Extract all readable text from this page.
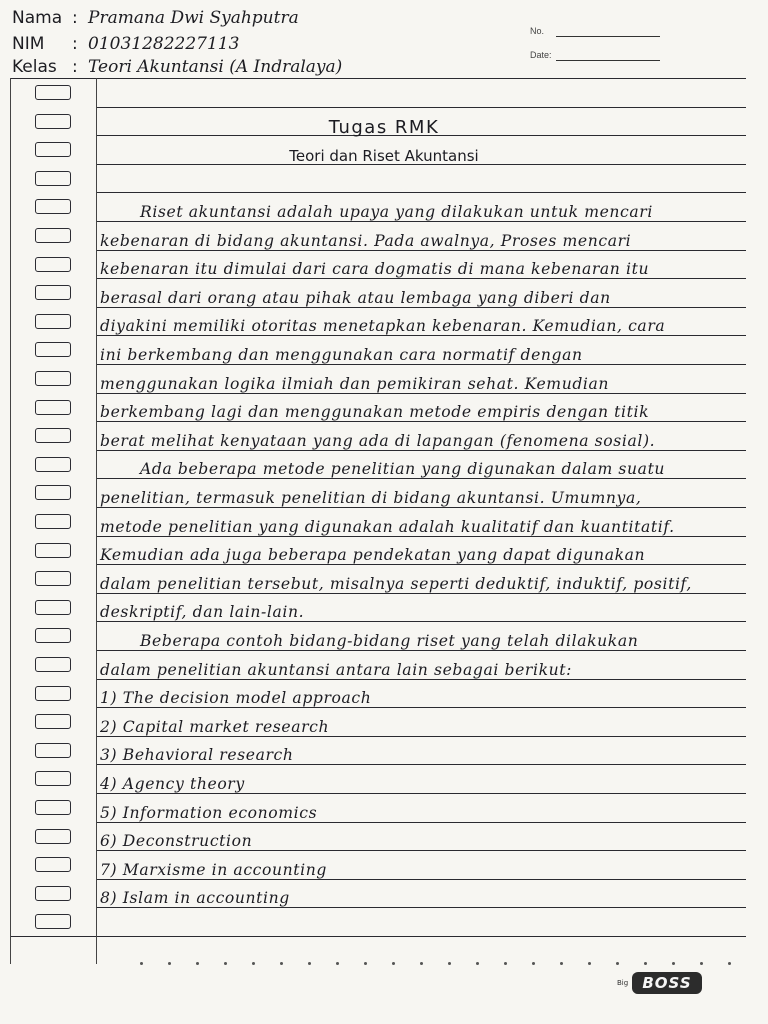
Nama : Pramana Dwi Syahputra
NIM	: 01031282227113
Kelas : Teori Akuntansi (A Indralaya)
No.
Date:
Tugas RMK
Teori dan Riset Akuntansi
Riset akuntansi adalah upaya yang dilakukan untuk mencari
kebenaran di bidang akuntansi. Pada awalnya, Proses mencari
kebenaran itu dimulai dari cara dogmatis di mana kebenaran itu
berasal dari orang atau pihak atau lembaga yang diberi dan
diyakini memiliki otoritas menetapkan kebenaran. Kemudian, cara
ini berkembang dan menggunakan cara normatif dengan
menggunakan logika ilmiah dan pemikiran sehat. Kemudian
berkembang lagi dan menggunakan metode empiris dengan titik
berat melihat kenyataan yang ada di lapangan (fenomena sosial).
Ada beberapa metode penelitian yang digunakan dalam suatu
penelitian, termasuk penelitian di bidang akuntansi. Umumnya,
metode penelitian yang digunakan adalah kualitatif dan kuantitatif.
Kemudian ada juga beberapa pendekatan yang dapat digunakan
dalam penelitian tersebut, misalnya seperti deduktif, induktif, positif,
deskriptif, dan lain-lain.
Beberapa contoh bidang-bidang riset yang telah dilakukan
dalam penelitian akuntansi antara lain sebagai berikut:
1) The decision model approach
2) Capital market research
3) Behavioral research
4) Agency theory
5) Information economics
6) Deconstruction
7) Marxisme in accounting
8) Islam in accounting
Big BOSS
